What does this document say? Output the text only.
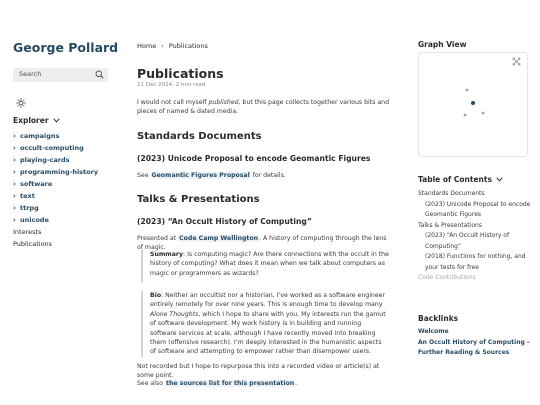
George Pollard
Search
Explorer
› campaigns
› occult-computing
› playing-cards
› programming-history
› software
› text
› ttrpg
› unicode
Interests
Publications
Home › Publications
Publications
11 Dec 2024, 2 min read

I would not call myself published, but this page collects together various bits and pieces of named & dated media.

Standards Documents
(2023) Unicode Proposal to encode Geomantic Figures

See Geomantic Figures Proposal for details.

Talks & Presentations
(2023) “An Occult History of Computing”

Presented at Code Camp Wellington. A history of computing through the lens of magic.

Summary: Is computing magic? Are there connections with the occult in the history of computing? What does it mean when we talk about computers as magic or programmers as wizards?
Bio: Neither an occultist nor a historian, I’ve worked as a software engineer entirely remotely for over nine years. This is enough time to develop many Alone Thoughts, which I hope to share with you. My interests run the gamut of software development. My work history is in building and running software services at scale, although I have recently moved into breaking them (offensive research). I’m deeply interested in the humanistic aspects of software and attempting to empower rather than disempower users.

Not recorded but I hope to repurpose this into a recorded video or article(s) at some point.

See also the sources list for this presentation.

Graph View
Table of Contents
Standards Documents
(2023) Unicode Proposal to encode Geomantic Figures
Talks & Presentations
(2023) “An Occult History of Computing”
(2018) Functions for nothing, and your tests for free
Code Contributions
Backlinks
Welcome
An Occult History of Computing – Further Reading & Sources
